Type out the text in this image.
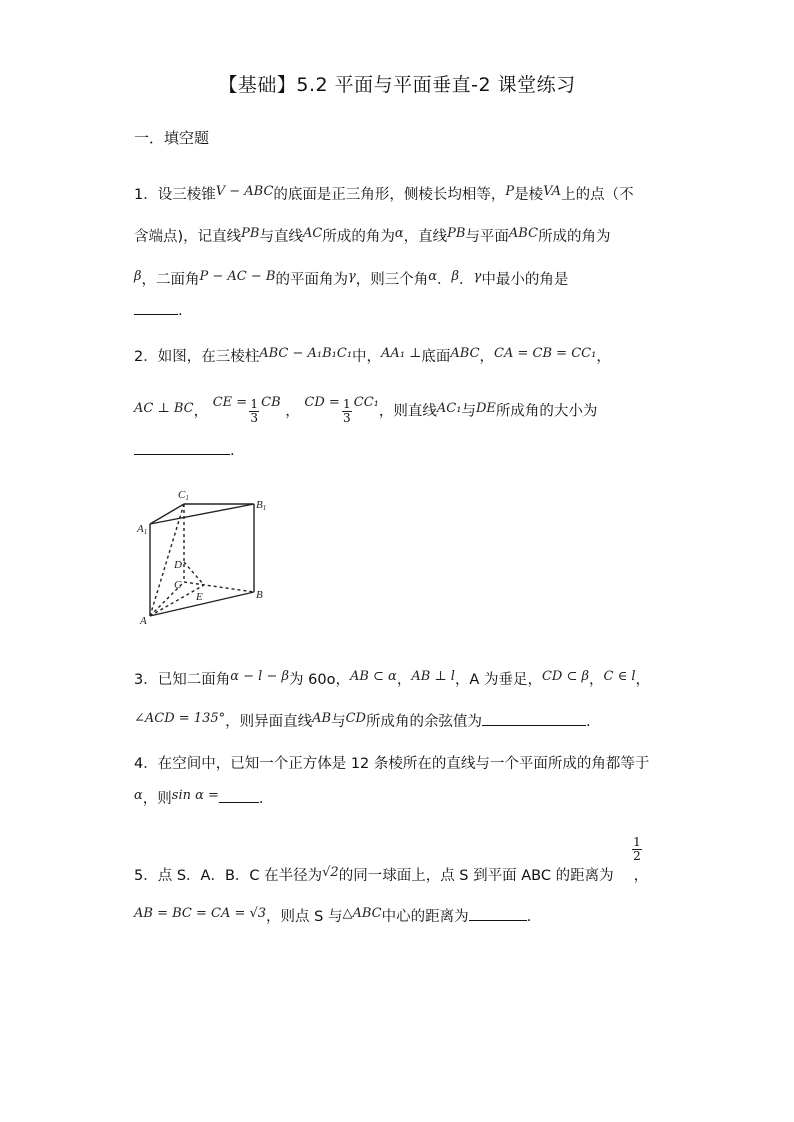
【基础】5.2 平面与平面垂直-2 课堂练习
一．填空题
1．设三棱锥V − ABC的底面是正三角形，侧棱长均相等，P是棱VA上的点（不
含端点)，记直线PB与直线AC所成的角为α，直线PB与平面ABC所成的角为
β，二面角P − AC − B的平面角为γ，则三个角α．β．γ中最小的角是
.
2．如图，在三棱柱ABC − A₁B₁C₁中，AA₁ ⊥底面ABC，CA = CB = CC₁，
AC ⊥ BC， CE = $\frac{1}{3}$ CB ， CD = $\frac{1}{3} CC_1$，则直线AC₁与DE所成角的大小为
.
C1
B1
A1
D
C
E	B
A
3．已知二面角α − l − β为 60o，AB ⊂ α，AB ⊥ l，A 为垂足，CD ⊂ β，C ∈ l，
∠ACD = 135°，则异面直线AB与CD所成角的余弦值为	.
4．在空间中，已知一个正方体是 12 条棱所在的直线与一个平面所成的角都等于
α，则sin α =	.
$\frac{1}{2}$
5．点 S．A．B．C 在半径为√2的同一球面上，点 S 到平面 ABC 的距离为 ，
AB = BC = CA = √3，则点 S 与△ABC中心的距离为	.
